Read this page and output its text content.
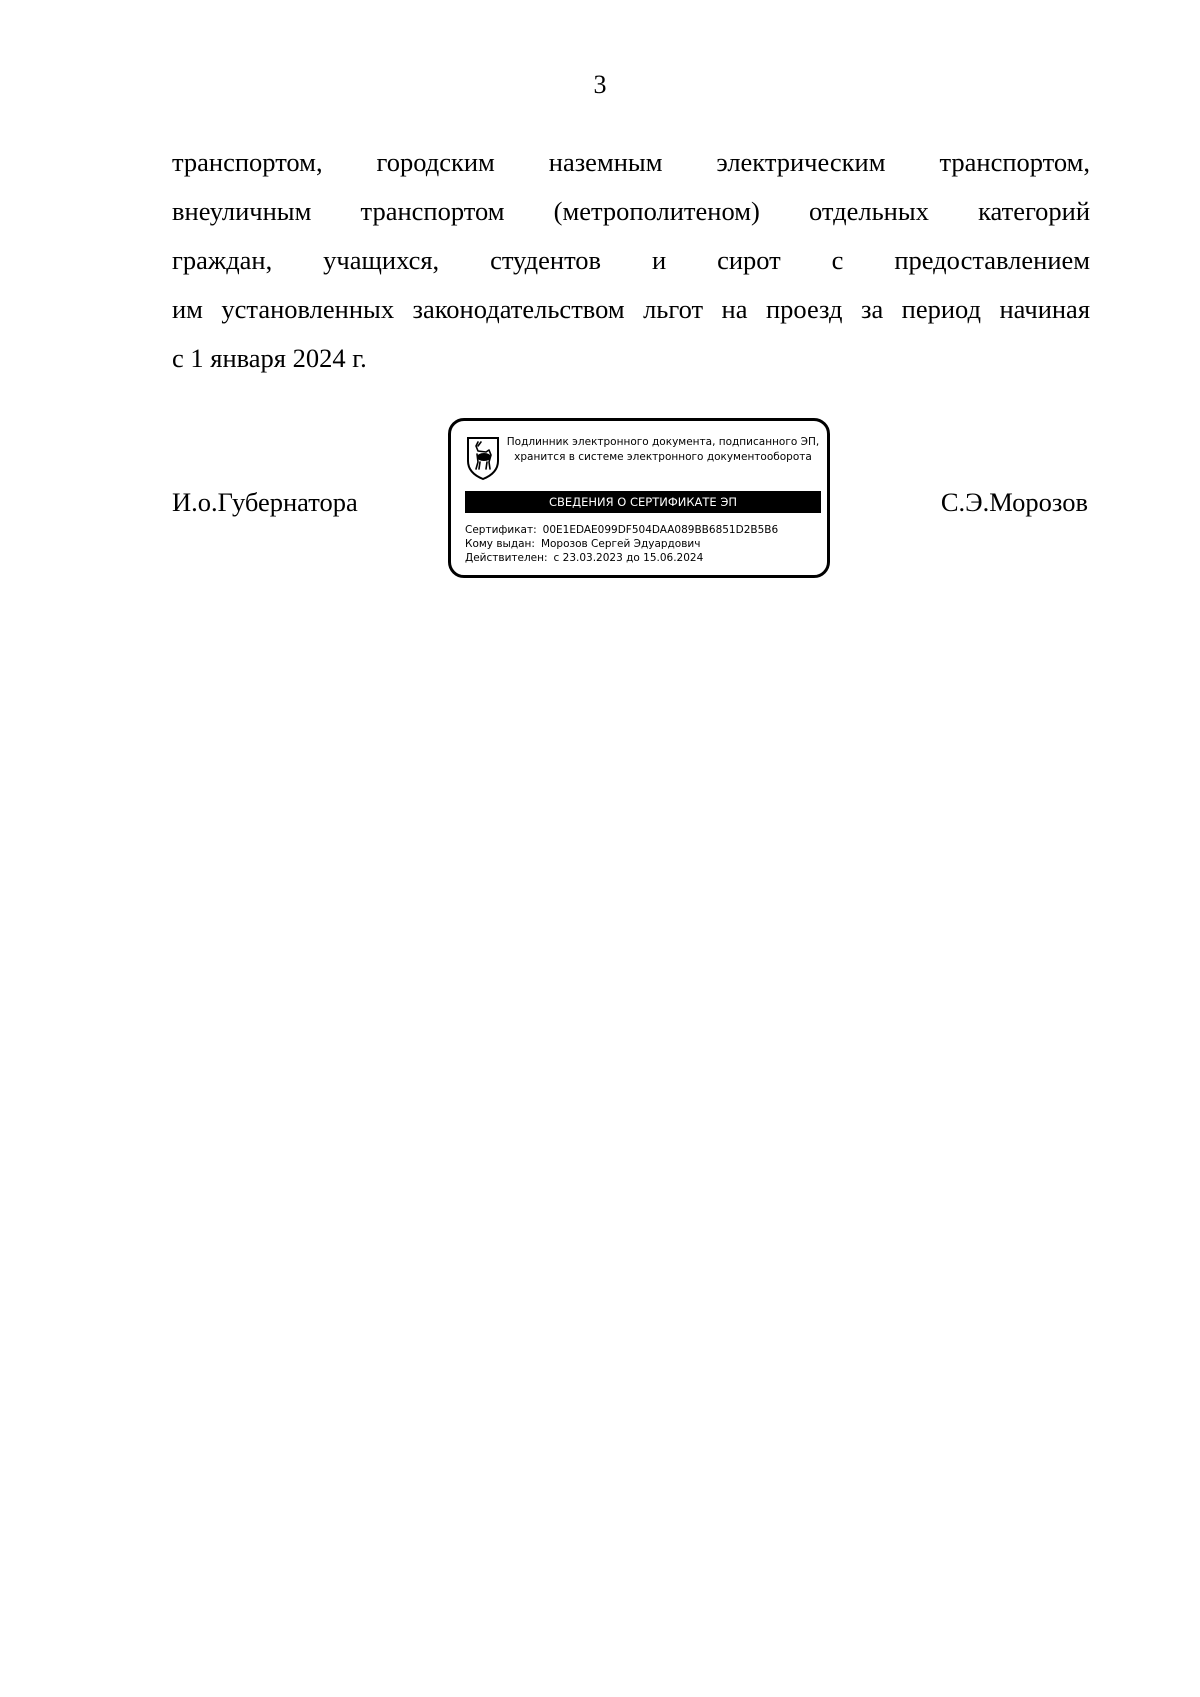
3
транспортом, городским наземным электрическим транспортом,
внеуличным транспортом (метрополитеном) отдельных категорий
граждан, учащихся, студентов и сирот с предоставлением
им установленных законодательством льгот на проезд за период начиная
с 1 января 2024 г.
И.о.Губернатора
Подлинник электронного документа, подписанного ЭП,
хранится в системе электронного документооборота
СВЕДЕНИЯ О СЕРТИФИКАТЕ ЭП
Сертификат: 00E1EDAE099DF504DAA089BB6851D2B5B6
Кому выдан: Морозов Сергей Эдуардович
Действителен: с 23.03.2023 до 15.06.2024
С.Э.Морозов
